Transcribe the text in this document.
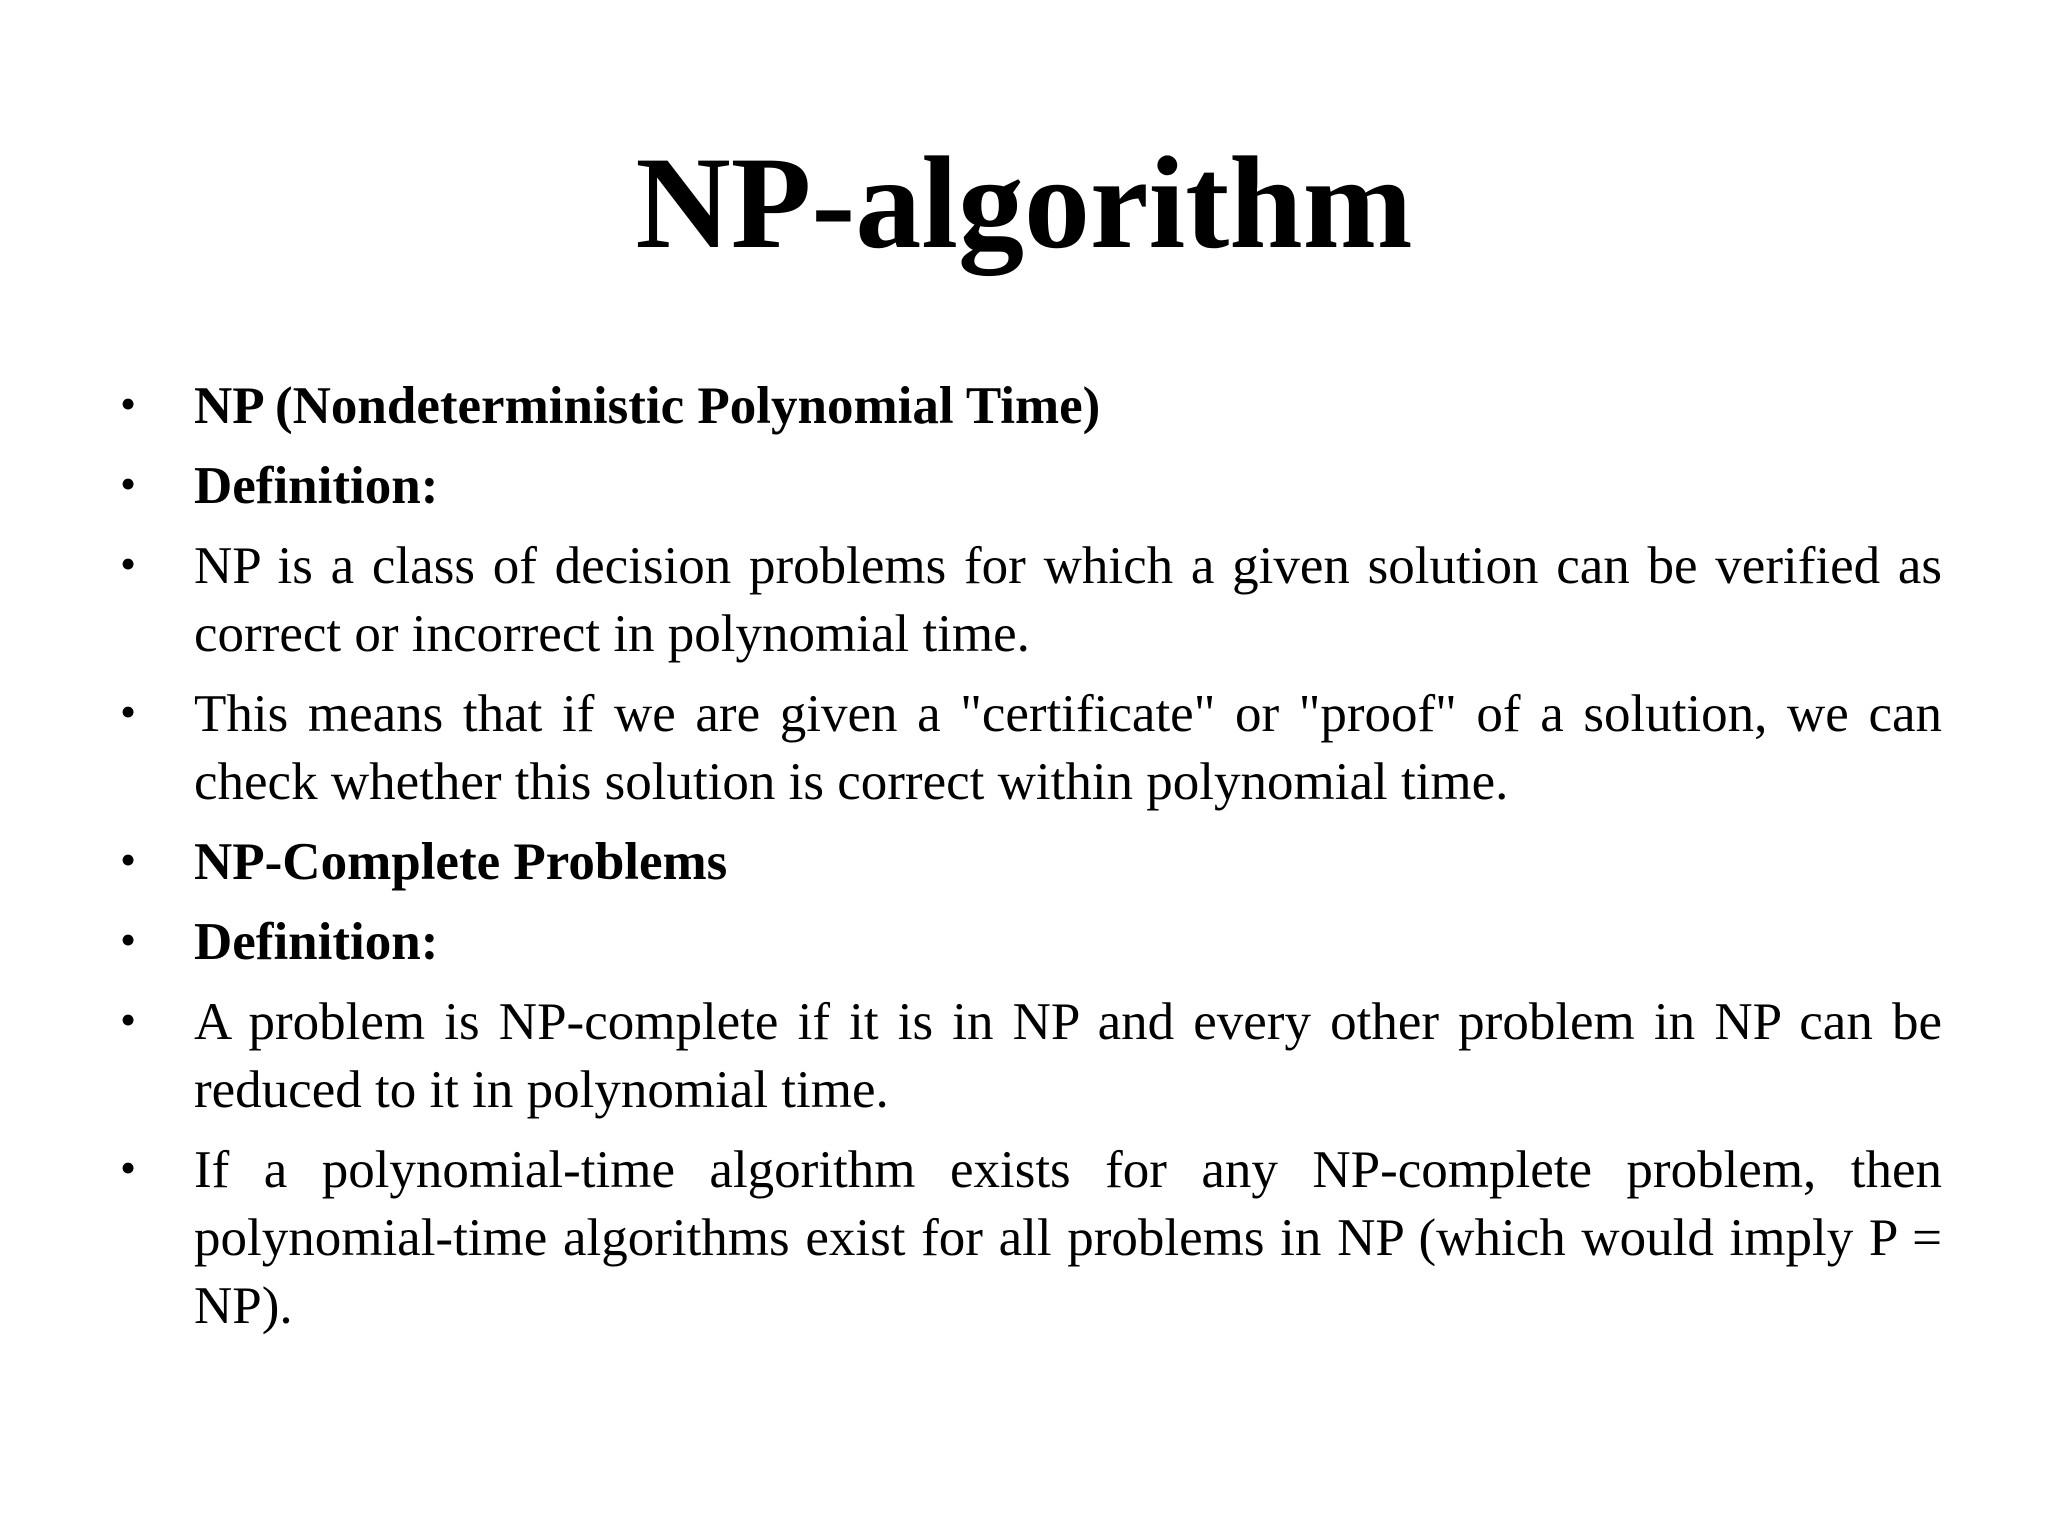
NP-algorithm
• NP (Nondeterministic Polynomial Time)
• Definition:
• NP is a class of decision problems for which a given solution can be verified as correct or incorrect in polynomial time.
• This means that if we are given a "certificate" or "proof" of a solution, we can check whether this solution is correct within polynomial time.
• NP-Complete Problems
• Definition:
• A problem is NP-complete if it is in NP and every other problem in NP can be reduced to it in polynomial time.
• If a polynomial-time algorithm exists for any NP-complete problem, then polynomial-time algorithms exist for all problems in NP (which would imply P = NP).
